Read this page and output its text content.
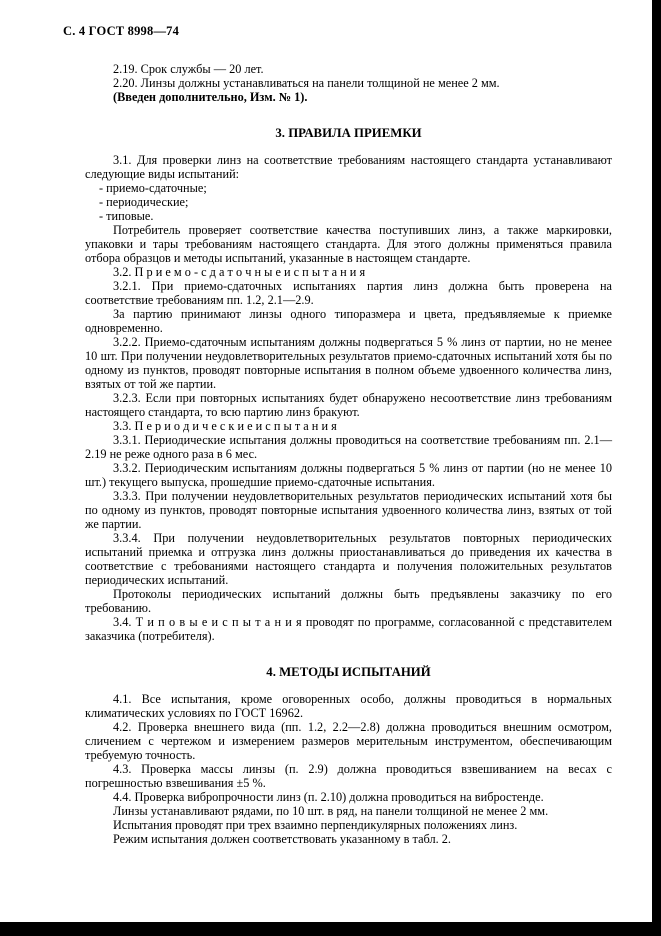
С. 4 ГОСТ 8998—74

2.19. Срок службы — 20 лет.

2.20. Линзы должны устанавливаться на панели толщиной не менее 2 мм.

(Введен дополнительно, Изм. № 1).

3. ПРАВИЛА ПРИЕМКИ

3.1. Для проверки линз на соответствие требованиям настоящего стандарта устанавливают следующие виды испытаний:

- приемо-сдаточные;

- периодические;

- типовые.

Потребитель проверяет соответствие качества поступивших линз, а также маркировки, упаковки и тары требованиям настоящего стандарта. Для этого должны применяться правила отбора образцов и методы испытаний, указанные в настоящем стандарте.

3.2. П р и е м о - с д а т о ч н ы е и с п ы т а н и я

3.2.1. При приемо-сдаточных испытаниях партия линз должна быть проверена на соответствие требованиям пп. 1.2, 2.1—2.9.

За партию принимают линзы одного типоразмера и цвета, предъявляемые к приемке одновременно.

3.2.2. Приемо-сдаточным испытаниям должны подвергаться 5 % линз от партии, но не менее 10 шт. При получении неудовлетворительных результатов приемо-сдаточных испытаний хотя бы по одному из пунктов, проводят повторные испытания в полном объеме удвоенного количества линз, взятых от той же партии.

3.2.3. Если при повторных испытаниях будет обнаружено несоответствие линз требованиям настоящего стандарта, то всю партию линз бракуют.

3.3. П е р и о д и ч е с к и е и с п ы т а н и я

3.3.1. Периодические испытания должны проводиться на соответствие требованиям пп. 2.1—2.19 не реже одного раза в 6 мес.

3.3.2. Периодическим испытаниям должны подвергаться 5 % линз от партии (но не менее 10 шт.) текущего выпуска, прошедшие приемо-сдаточные испытания.

3.3.3. При получении неудовлетворительных результатов периодических испытаний хотя бы по одному из пунктов, проводят повторные испытания удвоенного количества линз, взятых от той же партии.

3.3.4. При получении неудовлетворительных результатов повторных периодических испытаний приемка и отгрузка линз должны приостанавливаться до приведения их качества в соответствие с требованиями настоящего стандарта и получения положительных результатов периодических испытаний.

Протоколы периодических испытаний должны быть предъявлены заказчику по его требованию.

3.4. Т и п о в ы е и с п ы т а н и я проводят по программе, согласованной с представителем заказчика (потребителя).

4. МЕТОДЫ ИСПЫТАНИЙ

4.1. Все испытания, кроме оговоренных особо, должны проводиться в нормальных климатических условиях по ГОСТ 16962.

4.2. Проверка внешнего вида (пп. 1.2, 2.2—2.8) должна проводиться внешним осмотром, сличением с чертежом и измерением размеров мерительным инструментом, обеспечивающим требуемую точность.

4.3. Проверка массы линзы (п. 2.9) должна проводиться взвешиванием на весах с погрешностью взвешивания ±5 %.

4.4. Проверка вибропрочности линз (п. 2.10) должна проводиться на вибростенде.

Линзы устанавливают рядами, по 10 шт. в ряд, на панели толщиной не менее 2 мм.

Испытания проводят при трех взаимно перпендикулярных положениях линз.

Режим испытания должен соответствовать указанному в табл. 2.
